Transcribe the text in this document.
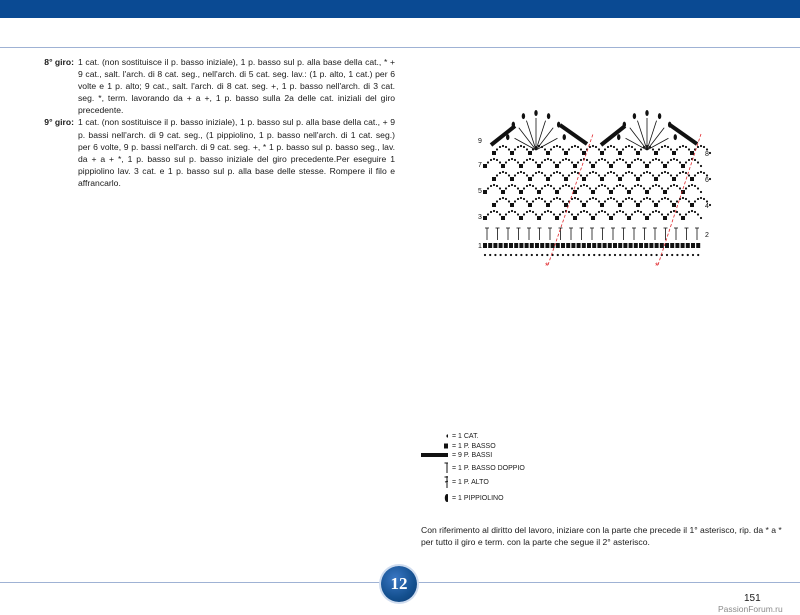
8° giro: 1 cat. (non sostituisce il p. basso iniziale), 1 p. basso sul p. alla base della cat., * + 9 cat., salt. l'arch. di 8 cat. seg., nell'arch. di 5 cat. seg. lav.: (1 p. alto, 1 cat.) per 6 volte e 1 p. alto; 9 cat., salt. l'arch. di 8 cat. seg. +, 1 p. basso nell'arch. di 3 cat. seg. *, term. lavorando da + a +, 1 p. basso sulla 2a delle cat. iniziali del giro precedente.
9° giro: 1 cat. (non sostituisce il p. basso iniziale), 1 p. basso sul p. alla base della cat., + 9 p. bassi nell'arch. di 9 cat. seg., (1 pippiolino, 1 p. basso nell'arch. di 1 cat. seg.) per 6 volte, 9 p. bassi nell'arch. di 9 cat. seg. +, * 1 p. basso sul p. basso seg., lav. da + a + *, 1 p. basso sul p. basso iniziale del giro precedente.Per eseguire 1 pippiolino lav. 3 cat. e 1 p. basso sul p. alla base delle stesse. Rompere il filo e affrancarlo.
*	*
9
7
5
3
1
8
6
4
2
= 1 CAT.
= 1 P. BASSO
= 9 P. BASSI
= 1 P. BASSO DOPPIO
= 1 P. ALTO
= 1 PIPPIOLINO
Con riferimento al diritto del lavoro, iniziare con la parte che precede il 1° asterisco, rip. da * a * per tutto il giro e term. con la parte che segue il 2° asterisco.
12
151
PassionForum.ru
